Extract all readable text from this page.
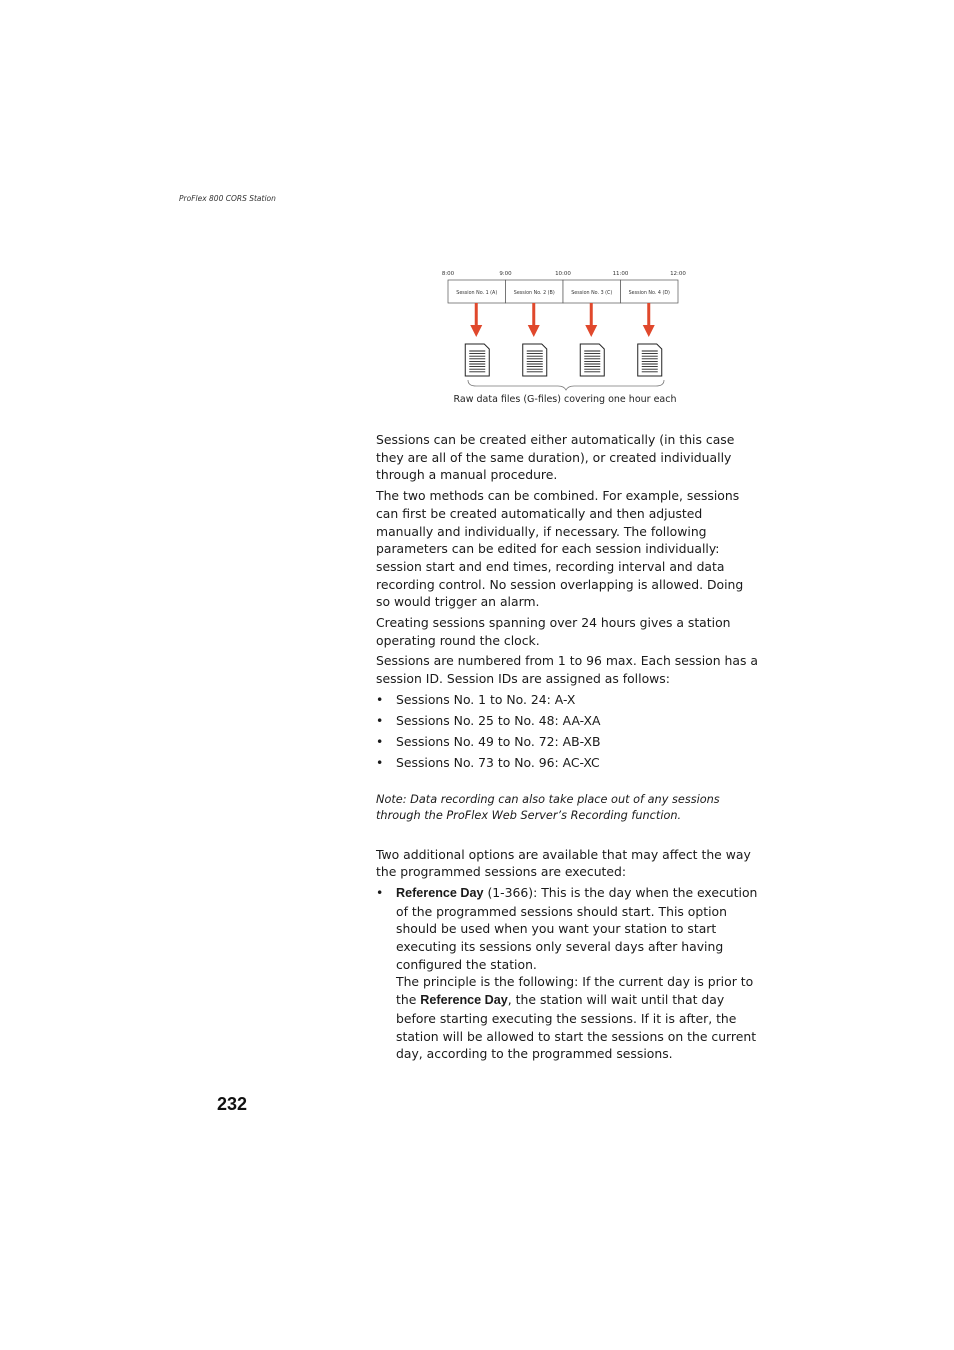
ProFlex 800 CORS Station
8:00	9:00	10:00	11:00	12:00
Session No. 1 (A)	Session No. 2 (B)	Session No. 3 (C)	Session No. 4 (D)
Raw data files (G-files) covering one hour each

Sessions can be created either automatically (in this case they are all of the same duration), or created individually through a manual procedure.

The two methods can be combined. For example, sessions can first be created automatically and then adjusted manually and individually, if necessary. The following parameters can be edited for each session individually: session start and end times, recording interval and data recording control. No session overlapping is allowed. Doing so would trigger an alarm.

Creating sessions spanning over 24 hours gives a station operating round the clock.

Sessions are numbered from 1 to 96 max. Each session has a session ID. Session IDs are assigned as follows:

• Sessions No. 1 to No. 24: A-X
• Sessions No. 25 to No. 48: AA-XA
• Sessions No. 49 to No. 72: AB-XB
• Sessions No. 73 to No. 96: AC-XC

Note: Data recording can also take place out of any sessions through the ProFlex Web Server’s Recording function.

Two additional options are available that may affect the way the programmed sessions are executed:

• Reference Day (1-366): This is the day when the execution of the programmed sessions should start. This option should be used when you want your station to start executing its sessions only several days after having configured the station.

The principle is the following: If the current day is prior to the Reference Day, the station will wait until that day before starting executing the sessions. If it is after, the station will be allowed to start the sessions on the current day, according to the programmed sessions.

232
